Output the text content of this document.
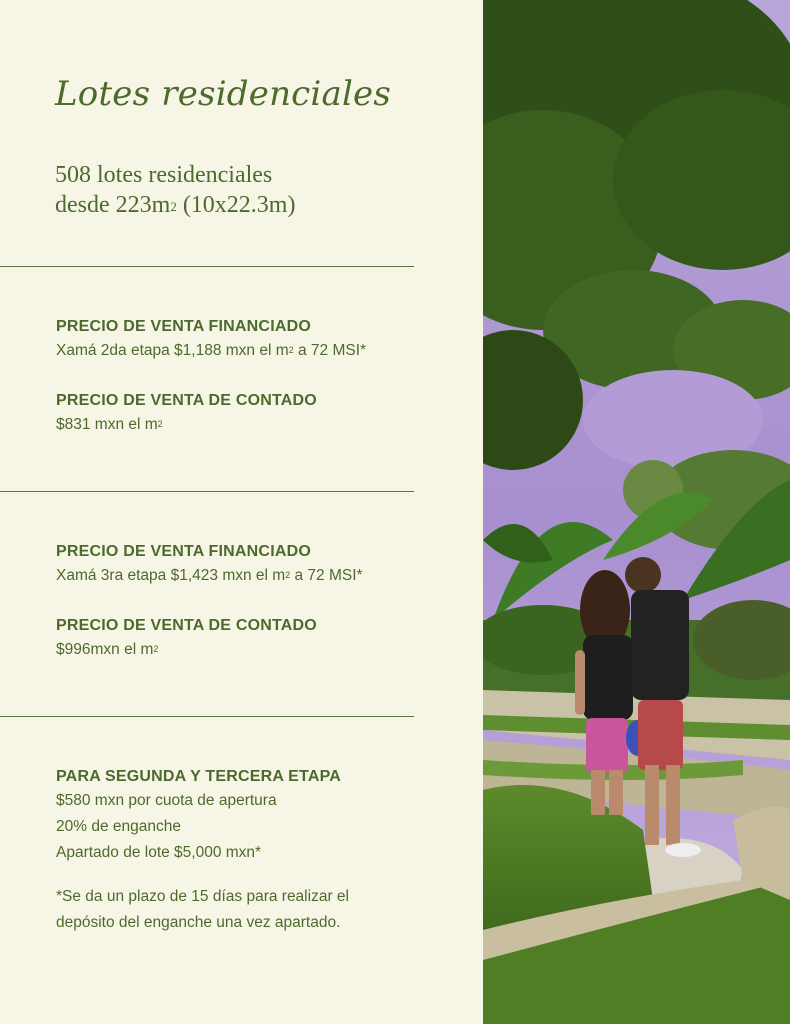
Lotes residenciales
508 lotes residenciales
desde $223m^2$ (10x22.3m)

PRECIO DE VENTA FINANCIADO

Xamá 2da etapa $1,188 mxn el $m^2$ a 72 MSI*

PRECIO DE VENTA DE CONTADO

$831 mxn el $m^2$

PRECIO DE VENTA FINANCIADO

Xamá 3ra etapa $1,423 mxn el $m^2$ a 72 MSI*

PRECIO DE VENTA DE CONTADO

$996mxn el $m^2$

PARA SEGUNDA Y TERCERA ETAPA

$580 mxn por cuota de apertura

20% de enganche

Apartado de lote $5,000 mxn*

*Se da un plazo de 15 días para realizar el

depósito del enganche una vez apartado.
